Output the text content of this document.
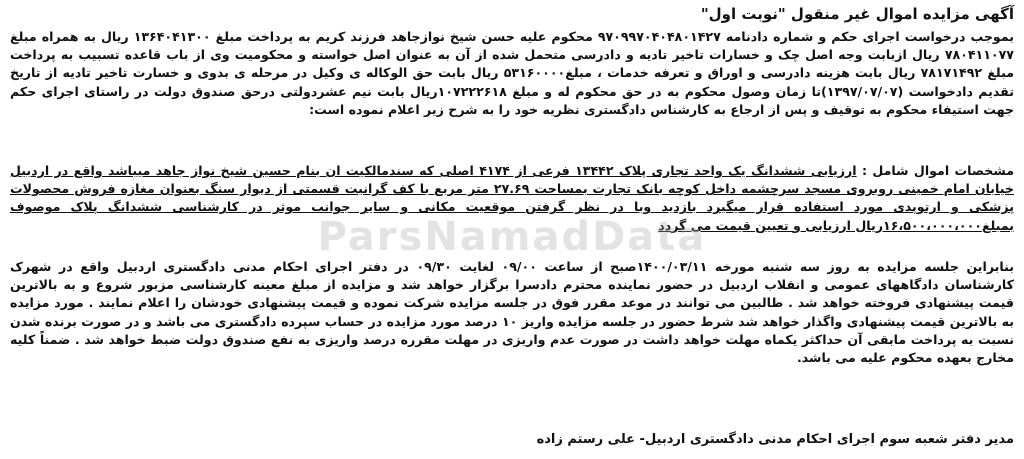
آگهی مزایده اموال غیر منقول "نوبت اول"
بموجب درخواست اجرای حکم و شماره دادنامه ۹۷۰۹۹۷۰۴۰۴۸۰۱۴۲۷ محکوم علیه حسن شیخ نوازجاهد فرزند کریم به پرداخت مبلغ ۱۳۶۴۰۴۱۳۰۰ ریال به همراه مبلغ ۷۸۰۴۱۱۰۷۷ ریال ازبابت وجه اصل چک و خسارات تاخیر تادیه و دادرسی متحمل شده از آن به عنوان اصل خواسته و محکومیت وی از باب قاعده تسبیب به پرداخت مبلغ ۷۸۱۷۱۴۹۲ ریال بابت هزینه دادرسی و اوراق و تعرفه خدمات ، مبلغ۵۳۱۶۰۰۰۰ ریال بابت حق الوکاله ی وکیل در مرحله ی بدوی و خسارت تاخیر تادیه از تاریخ تقدیم دادخواست (۱۳۹۷/۰۷/۰۷)تا زمان وصول محکوم به در حق محکوم له و مبلغ ۱۰۷۲۲۲۶۱۸ریال بابت نیم عشردولتی درحق صندوق دولت در راستای اجرای حکم جهت استیفاء محکوم به توقیف و پس از ارجاع به کارشناس دادگستری نظریه خود را به شرح زیر اعلام نموده است:
مشخصات اموال شامل : ارزیابی ششدانگ یک واحد تجاری پلاک ۱۳۴۴۲ فرعی از ۴۱۷۴ اصلی که سندمالکیت ان بنام حسین شیخ نواز جاهد میباشد واقع در اردبیل خیابان امام خمینی روبروی مسجد سرچشمه داخل کوچه بانک تجارت بمساحت ۲۷.۶۹ متر مربع با کف گرانیت قسمتی از دیوار سنگ بعنوان مغازه فروش محصولات پزشکی و ارتوپدی مورد استفاده قرار میگیرد بازدید وبا در نظر گرفتن موقعیت مکانی و سایر جوانب موثر در کارشناسی ششدانگ پلاک موصوف بمبلغ۱۶،۵۰۰،۰۰۰،۰۰۰ریال ارزیابی و تعیین قیمت می گردد
بنابراین جلسه مزایده به روز سه شنبه مورخه ۱۴۰۰/۰۳/۱۱صبح از ساعت ۰۹/۰۰ لغایت ۰۹/۳۰ در دفتر اجرای احکام مدنی دادگستری اردبیل واقع در شهرک کارشناسان دادگاههای عمومی و انقلاب اردبیل در حضور نماینده محترم دادسرا برگزار خواهد شد و مزایده از مبلغ معینه کارشناسی مزبور شروع و به بالاترین قیمت پیشنهادی فروخته خواهد شد . طالبین می توانند در موعد مقرر فوق در جلسه مزایده شرکت نموده و قیمت پیشنهادی خودشان را اعلام نمایند . مورد مزایده به بالاترین قیمت پیشنهادی واگذار خواهد شد شرط حضور در جلسه مزایده واریز ۱۰ درصد مورد مزایده در حساب سپرده دادگستری می باشد و در صورت برنده شدن نسبت به پرداخت مابقی آن حداکثر یکماه مهلت خواهد داشت در صورت عدم واریزی در مهلت مقرره درصد واریزی به نفع صندوق دولت ضبط خواهد شد . ضمناً کلیه مخارج بعهده محکوم علیه می باشد.
مدیر دفتر شعبه سوم اجرای احکام مدنی دادگستری اردبیل- علی رستم زاده
ParsNamadData
